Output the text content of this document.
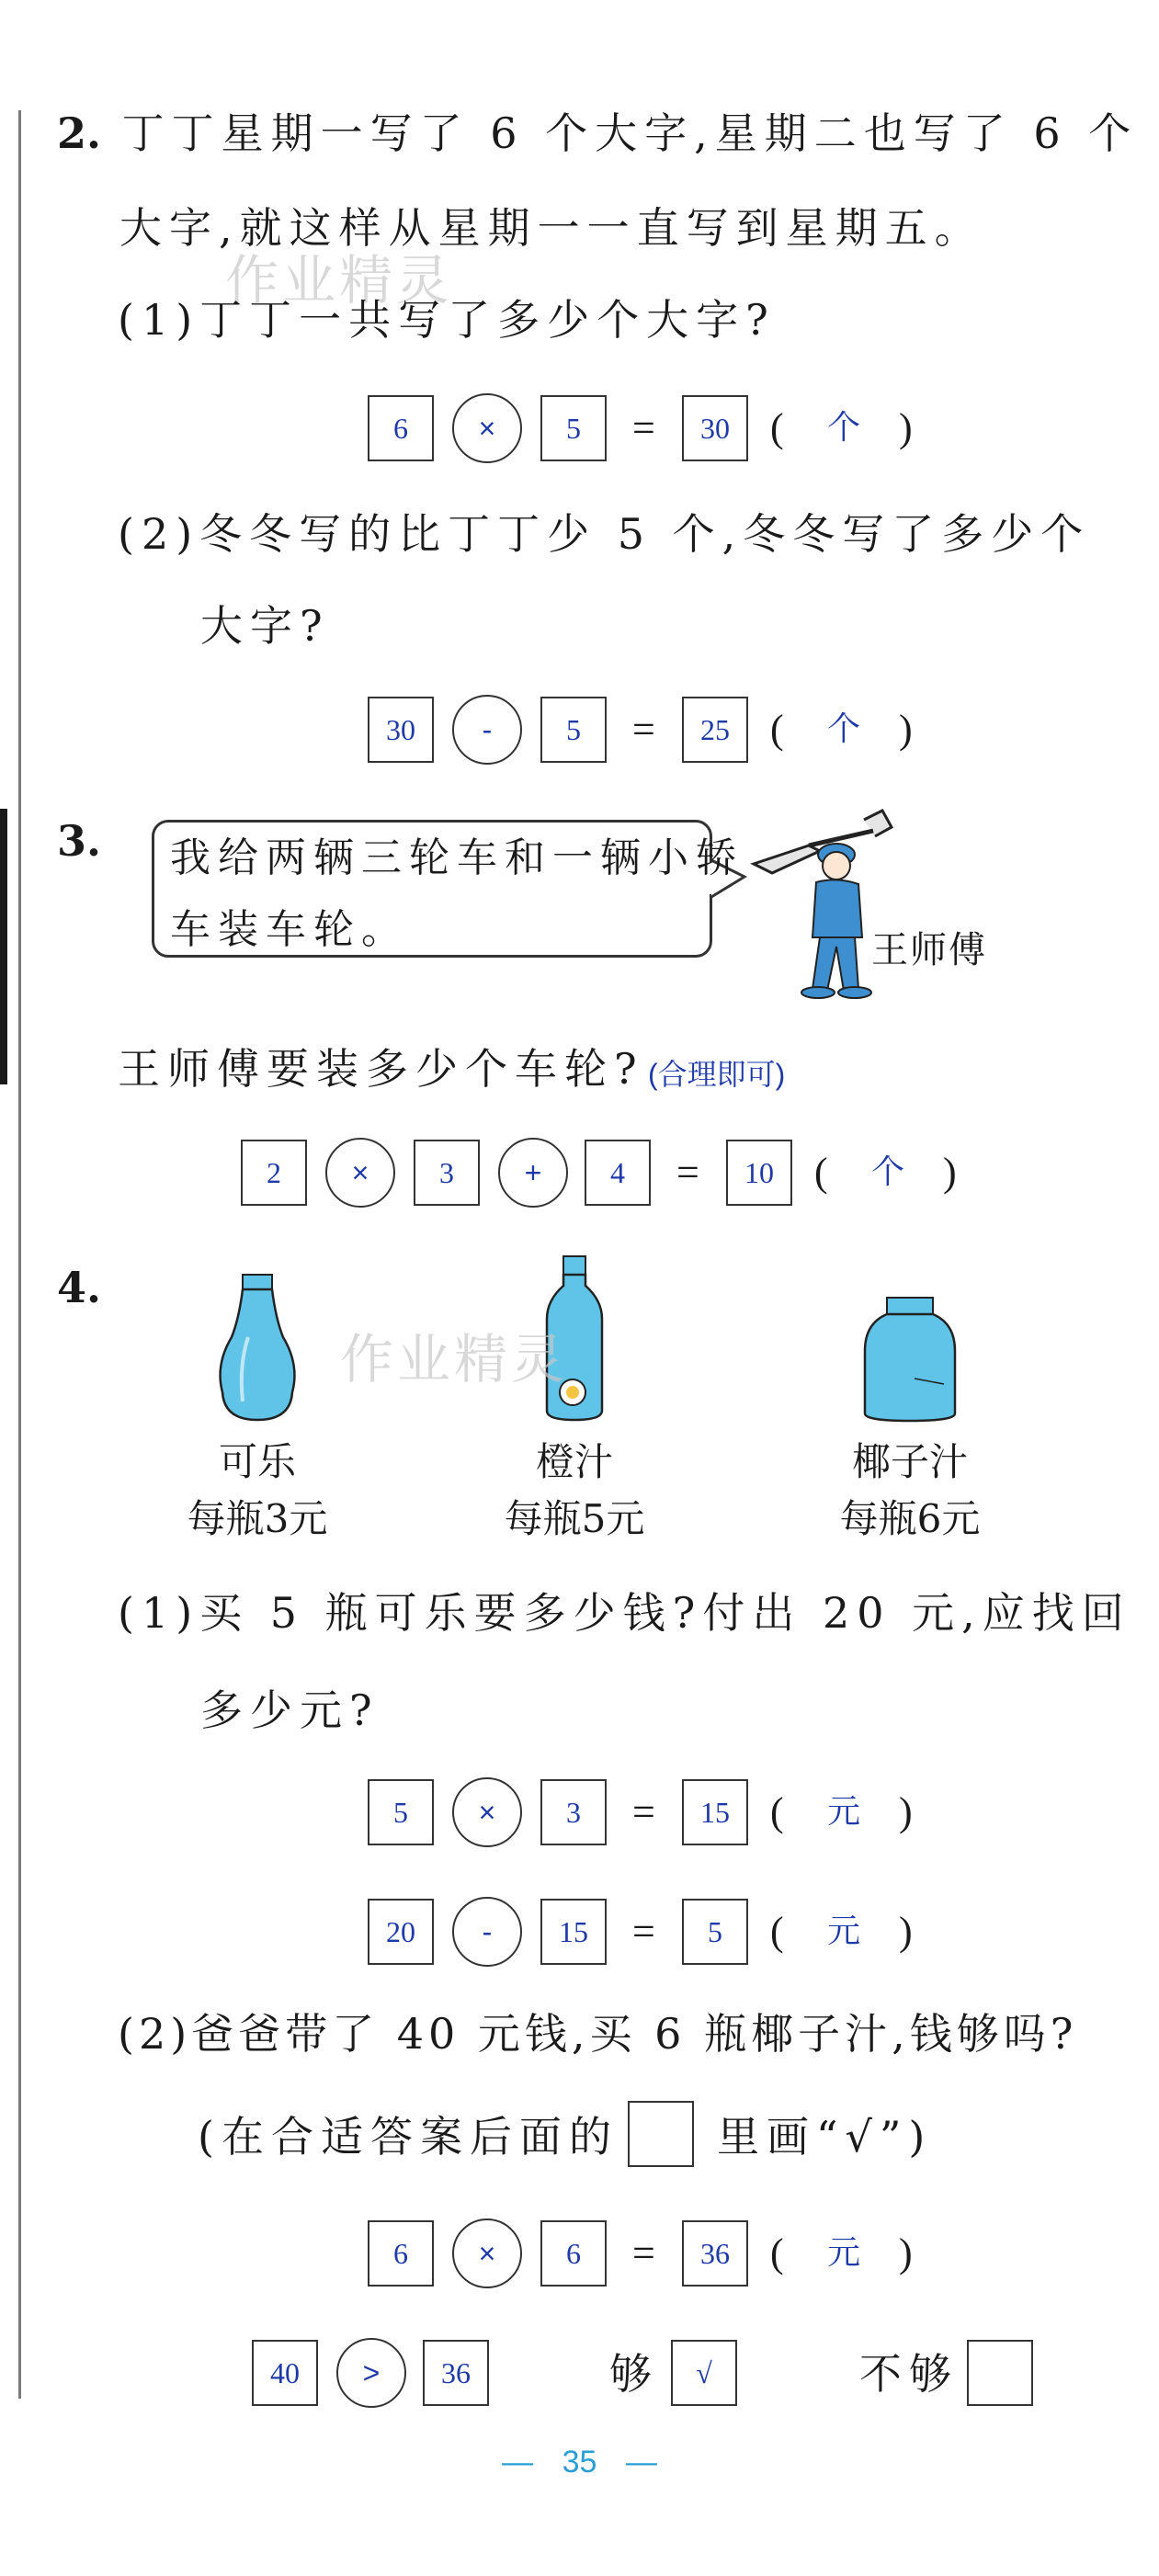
2. 丁丁星期一写了 6 个大字,星期二也写了 6 个
大字,就这样从星期一一直写到星期五。
作业精灵
(1)丁丁一共写了多少个大字?
6	×	5	=	30	( 个 )
(2)冬冬写的比丁丁少 5 个,冬冬写了多少个
大字?
30	-	5	=	25	( 个 )
3. 我给两辆三轮车和一辆小轿
车装车轮。	王师傅
王师傅要装多少个车轮? (合理即可)
2	×	3	+	4	=	10	( 个 )
4.
作业精灵
可乐
每瓶3元
橙汁
每瓶5元
椰子汁
每瓶6元
(1)买 5 瓶可乐要多少钱?付出 20 元,应找回
多少元?
5	×	3	=	15	( 元 )
20	-	15	=	5	( 元 )
(2)爸爸带了 40 元钱,买 6 瓶椰子汁,钱够吗?
(在合适答案后面的 里画“√”)
6	×	6	=	36	( 元 )
40	>	36	够	√	不够
— 35 —
